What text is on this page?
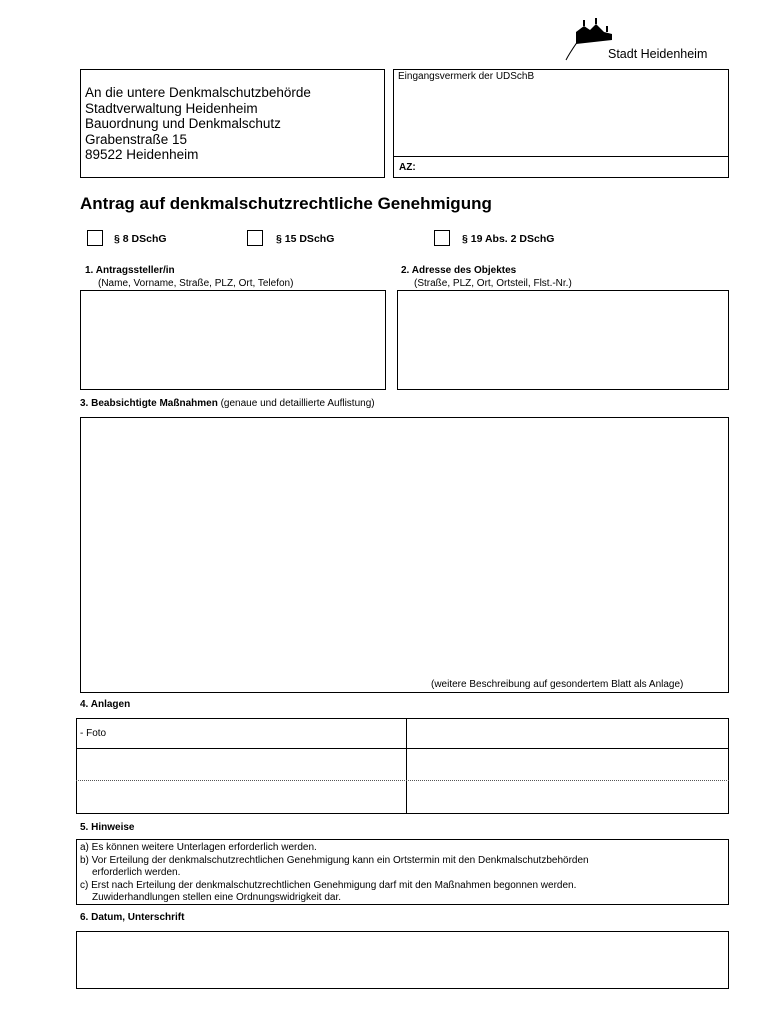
Stadt Heidenheim
An die untere Denkmalschutzbehörde
Stadtverwaltung Heidenheim
Bauordnung und Denkmalschutz
Grabenstraße 15
89522 Heidenheim
Eingangsvermerk der UDSchB
AZ:
Antrag auf denkmalschutzrechtliche Genehmigung
§ 8 DSchG	§ 15 DSchG	§ 19 Abs. 2 DSchG
1. Antragssteller/in
(Name, Vorname, Straße, PLZ, Ort, Telefon)
2. Adresse des Objektes
(Straße, PLZ, Ort, Ortsteil, Flst.-Nr.)
3. Beabsichtigte Maßnahmen (genaue und detaillierte Auflistung)
(weitere Beschreibung auf gesondertem Blatt als Anlage)
4. Anlagen
- Foto
5. Hinweise
a) Es können weitere Unterlagen erforderlich werden.
b) Vor Erteilung der denkmalschutzrechtlichen Genehmigung kann ein Ortstermin mit den Denkmalschutzbehörden
erforderlich werden.
c) Erst nach Erteilung der denkmalschutzrechtlichen Genehmigung darf mit den Maßnahmen begonnen werden.
Zuwiderhandlungen stellen eine Ordnungswidrigkeit dar.
6. Datum, Unterschrift
